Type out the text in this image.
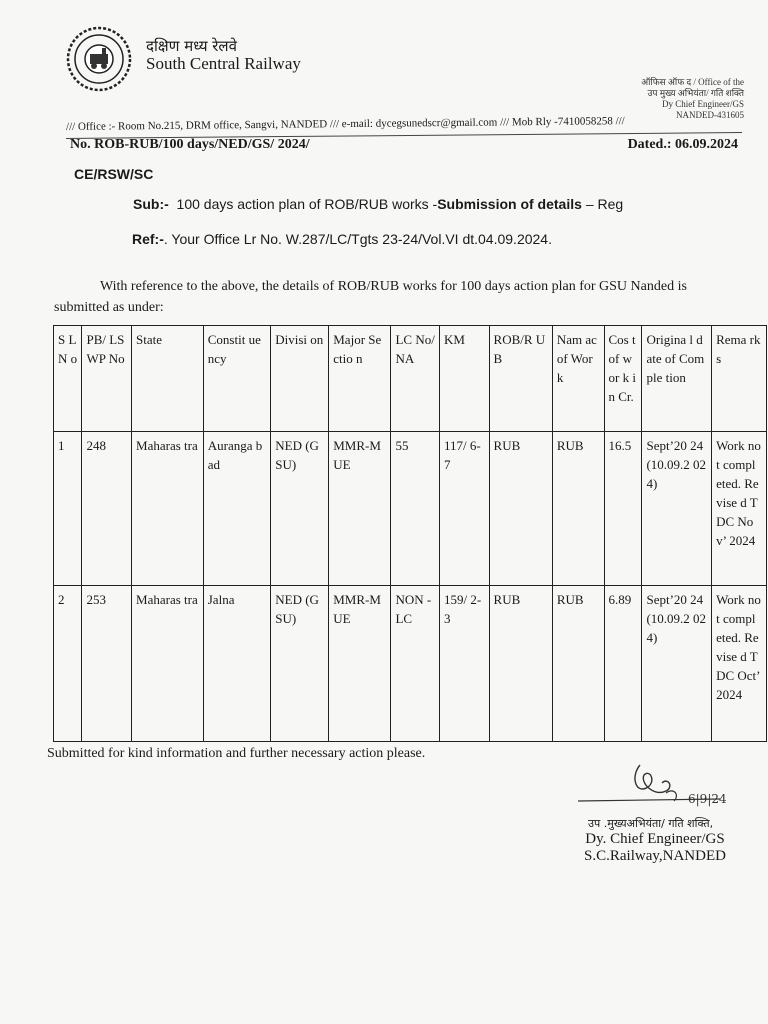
दक्षिण मध्य रेलवे
South Central Railway
ऑफिस ऑफ द / Office of the
उप मुख्य अभियंता/ गति शक्ति
Dy Chief Engineer/GS
NANDED-431605
/// Office :- Room No.215, DRM office, Sangvi, NANDED /// e-mail: dycegsunedscr@gmail.com /// Mob Rly -7410058258 ///
No. ROB-RUB/100 days/NED/GS/ 2024/	Dated.: 06.09.2024
CE/RSW/SC
Sub:- 100 days action plan of ROB/RUB works -Submission of details – Reg
Ref:-. Your Office Lr No. W.287/LC/Tgts 23-24/Vol.VI dt.04.09.2024.
With reference to the above, the details of ROB/RUB works for 100 days action plan for GSU Nanded is submitted as under:
S L N o	PB/ LS WP No	State	Constit uency	Divisi on	Major Sectio n	LC No/ NA	KM	ROB/R UB	Nam ac of Wor k	Cos t of wor k in Cr.	Origina l date of Comple tion	Rema rks
1	248	Maharas tra	Auranga bad	NED (GSU)	MMR-MUE	55	117/ 6-7	RUB	RUB	16.5	Sept’20 24 (10.09.2 024)	Work not compl eted. Revise d TDC Nov’ 2024
2	253	Maharas tra	Jalna	NED (GSU)	MMR-MUE	NON -LC	159/ 2-3	RUB	RUB	6.89	Sept’20 24 (10.09.2 024)	Work not compl eted. Revise d TDC Oct’ 2024
Submitted for kind information and further necessary action please.
6|9|24
उप .मुख्यअभियंता/ गति शक्ति,
Dy. Chief Engineer/GS
S.C.Railway,NANDED
